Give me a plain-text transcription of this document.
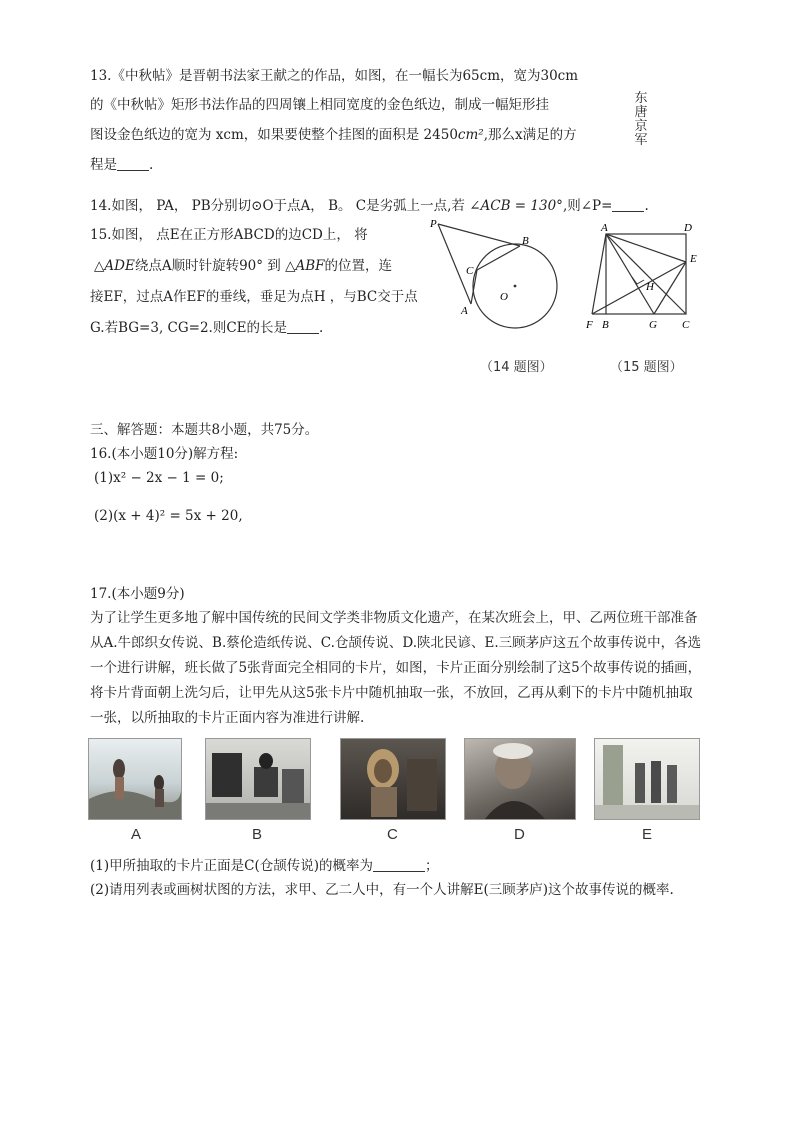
13.《中秋帖》是晋朝书法家王献之的作品，如图，在一幅长为65cm，宽为30cm
的《中秋帖》矩形书法作品的四周镶上相同宽度的金色纸边，制成一幅矩形挂
图设金色纸边的宽为 xcm，如果要使整个挂图的面积是 2450cm²,那么x满足的方
程是 .
东唐京军
14.如图， PA， PB分别切⊙O于点A， B。 C是劣弧上一点,若 ∠ACB = 130°,则∠P= .
15.如图， 点E在正方形ABCD的边CD上， 将
△ADE绕点A顺时针旋转90° 到 △ABF的位置，连
接EF，过点A作EF的垂线，垂足为点H ，与BC交于点
G.若BG=3, CG=2.则CE的长是 .
P
B
C
A
O
A	D
E
H
F B	G C
（14 题图）	（15 题图）
三、解答题：本题共8小题，共75分。
16.(本小题10分)解方程:
(1)x² − 2x − 1 = 0;
(2)(x + 4)² = 5x + 20,
17.(本小题9分)
为了让学生更多地了解中国传统的民间文学类非物质文化遗产，在某次班会上，甲、乙两位班干部准备从A.牛郎织女传说、B.蔡伦造纸传说、C.仓颉传说、D.陕北民谚、E.三顾茅庐这五个故事传说中，各选一个进行讲解，班长做了5张背面完全相同的卡片，如图，卡片正面分别绘制了这5个故事传说的插画，将卡片背面朝上洗匀后，让甲先从这5张卡片中随机抽取一张，不放回，乙再从剩下的卡片中随机抽取一张，以所抽取的卡片正面内容为准进行讲解.
A	B	C	D	E
(1)甲所抽取的卡片正面是C(仓颉传说)的概率为	；
(2)请用列表或画树状图的方法，求甲、乙二人中，有一个人讲解E(三顾茅庐)这个故事传说的概率.
